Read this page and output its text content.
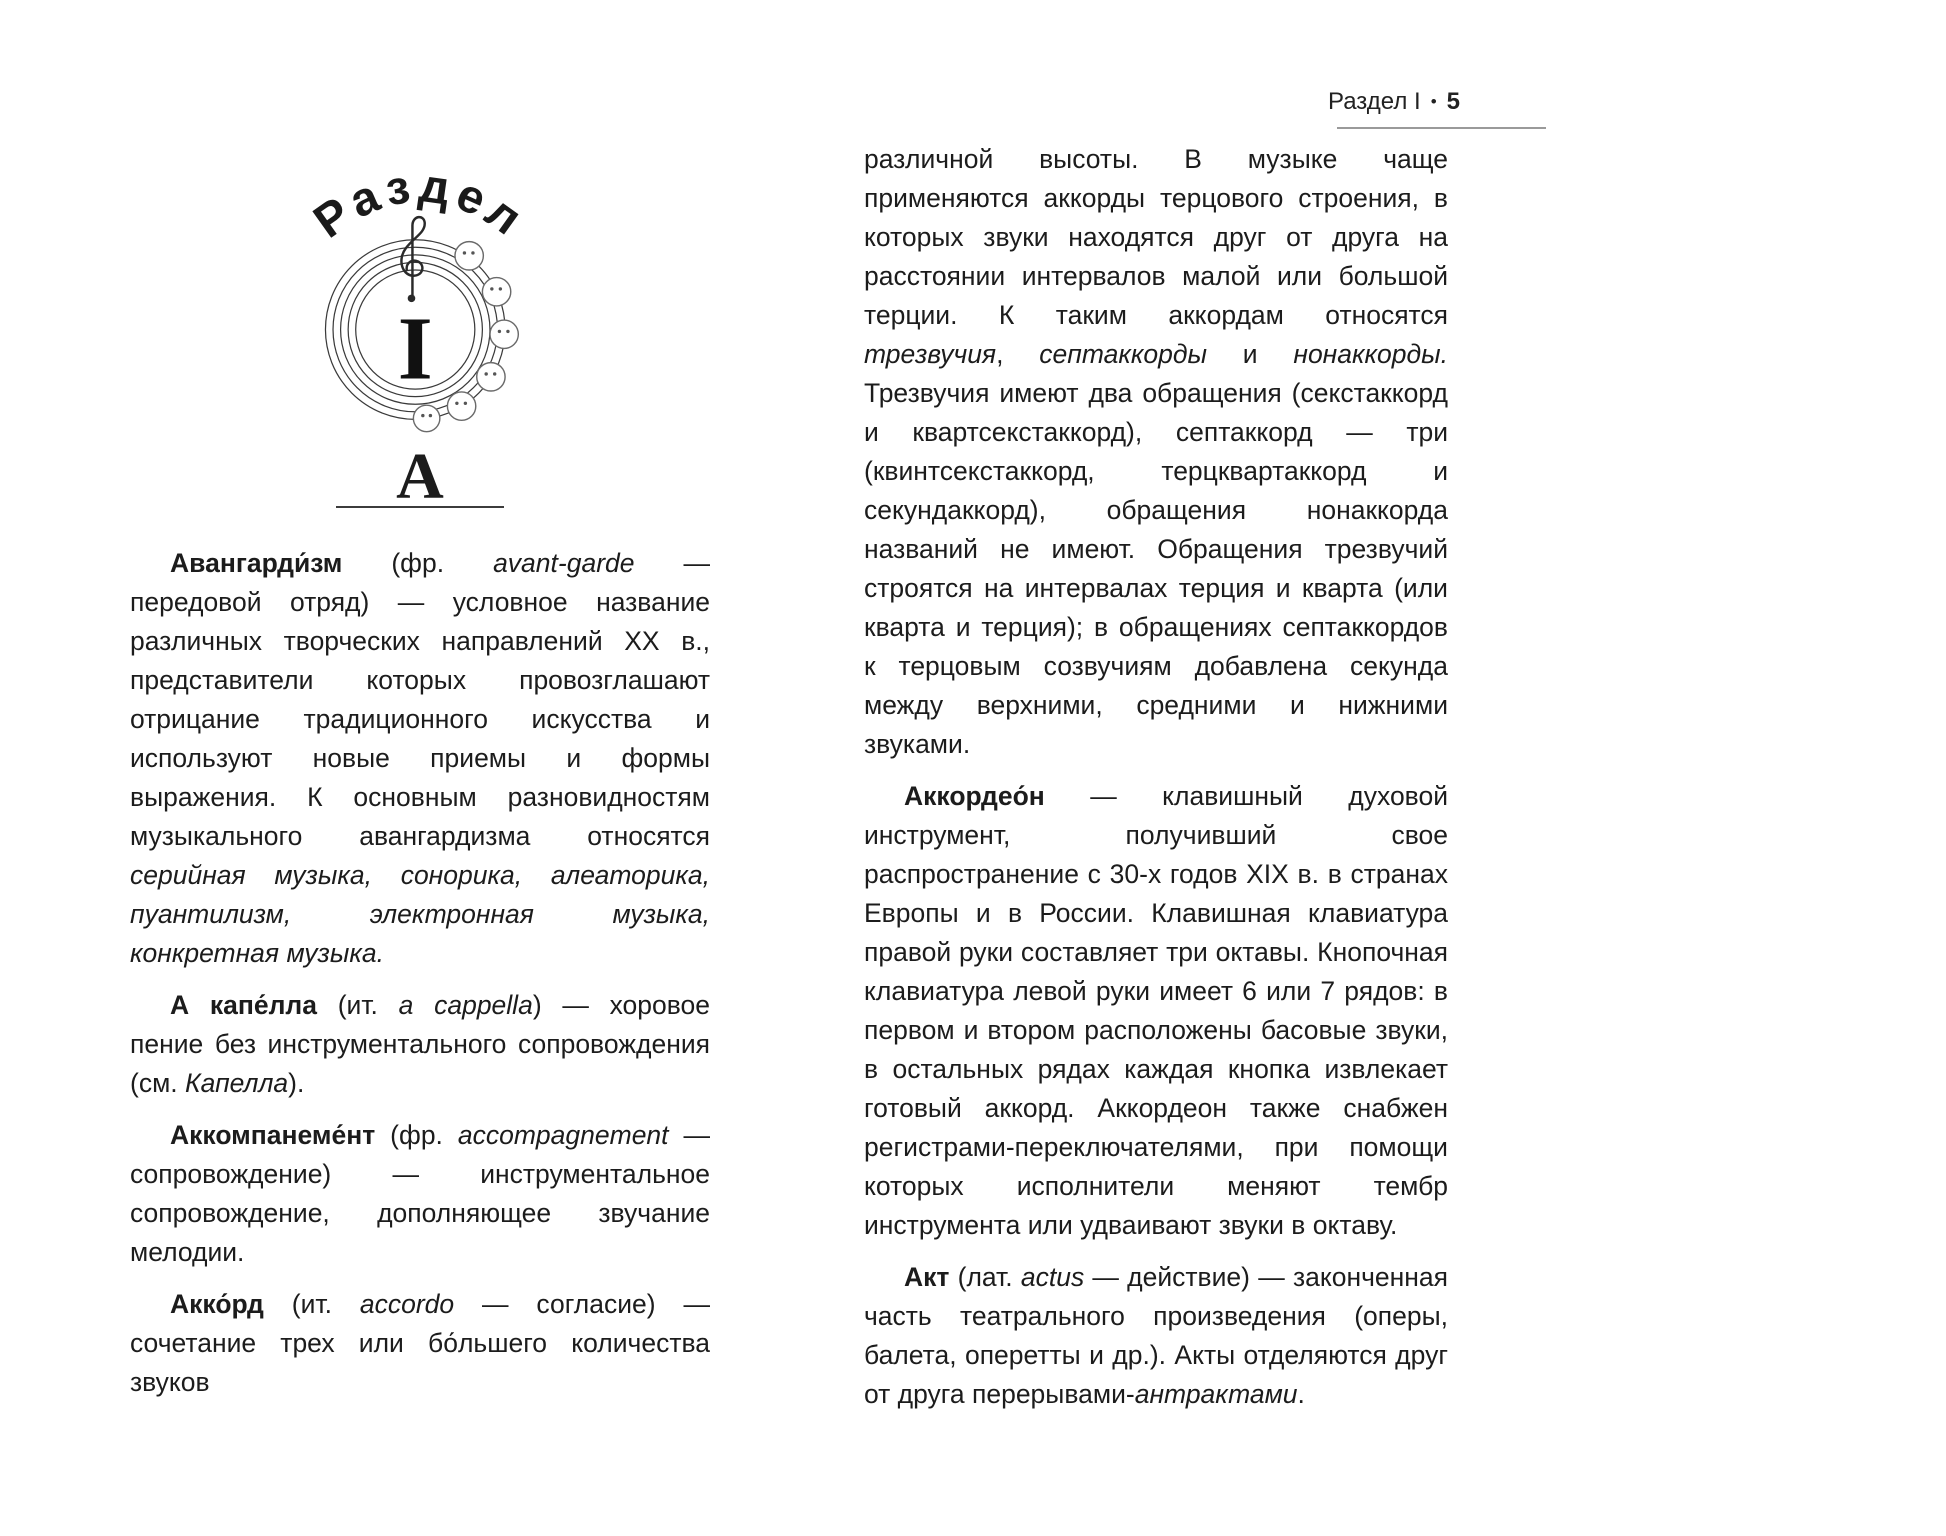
Раздел I • 5
Раздел
I
А

Авангарди́зм (фр. avant-garde — передовой отряд) — условное название различных творческих направлений XX в., представители которых провозглашают отрицание традиционного искусства и используют новые приемы и формы выражения. К основным разновидностям музыкального авангардизма относятся серийная музыка, сонорика, алеаторика, пуантилизм, электронная музыка, конкретная музыка.

А капе́лла (ит. a cappella) — хоровое пение без инструментального сопровождения (см. Капелла).

Аккомпанеме́нт (фр. accompagnement — сопровождение) — инструментальное сопровождение, дополняющее звучание мелодии.

Акко́рд (ит. accordo — согласие) — сочетание трех или бо́льшего количества звуков

различной высоты. В музыке чаще применяются аккорды терцового строения, в которых звуки находятся друг от друга на расстоянии интервалов малой или большой терции. К таким аккордам относятся трезвучия, септаккорды и нонаккорды. Трезвучия имеют два обращения (секстаккорд и квартсекстаккорд), септаккорд — три (квинтсекстаккорд, терцквартаккорд и секундаккорд), обращения нонаккорда названий не имеют. Обращения трезвучий строятся на интервалах терция и кварта (или кварта и терция); в обращениях септаккордов к терцовым созвучиям добавлена секунда между верхними, средними и нижними звуками.

Аккордео́н — клавишный духовой инструмент, получивший свое распространение с 30-х годов XIX в. в странах Европы и в России. Клавишная клавиатура правой руки составляет три октавы. Кнопочная клавиатура левой руки имеет 6 или 7 рядов: в первом и втором расположены басовые звуки, в остальных рядах каждая кнопка извлекает готовый аккорд. Аккордеон также снабжен регистрами-переключателями, при помощи которых исполнители меняют тембр инструмента или удваивают звуки в октаву.

Акт (лат. actus — действие) — законченная часть театрального произведения (оперы, балета, оперетты и др.). Акты отделяются друг от друга перерывами-антрактами.
